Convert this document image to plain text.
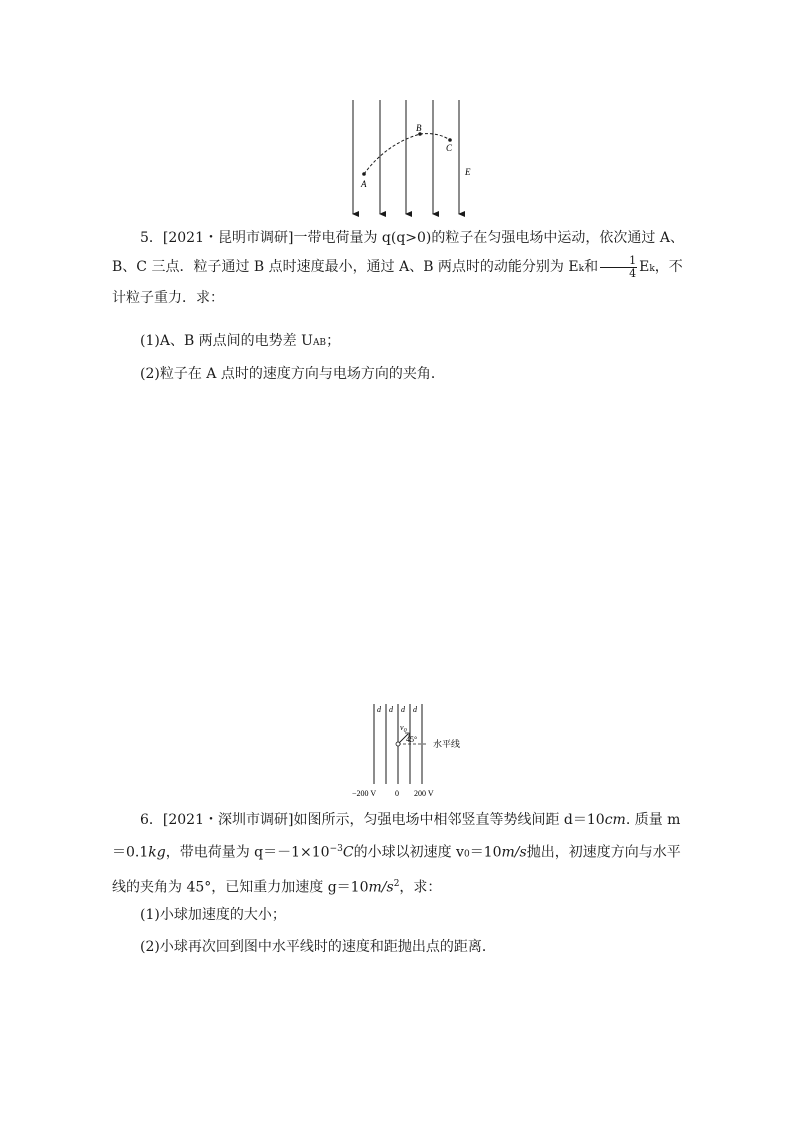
A
B
C
E

5．[2021・昆明市调研]一带电荷量为 q(q>0)的粒子在匀强电场中运动，依次通过 A、B、C 三点．粒子通过 B 点时速度最小，通过 A、B 两点时的动能分别为 Ek和 $\frac{1}{4}$ Ek，不计粒子重力．求：

(1)A、B 两点间的电势差 UAB；

(2)粒子在 A 点时的速度方向与电场方向的夹角．

d d d d
$v_0$
45° 水平线
−200 V 0 200 V

6．[2021・深圳市调研]如图所示，匀强电场中相邻竖直等势线间距 d＝10cm. 质量 m＝0.1kg，带电荷量为 $q=-1\times 10^{-3}C$的小球以初速度 v0＝10m/s抛出，初速度方向与水平线的夹角为 45°，已知重力加速度 $g=10m/s^2$，求：

(1)小球加速度的大小；

(2)小球再次回到图中水平线时的速度和距抛出点的距离．
